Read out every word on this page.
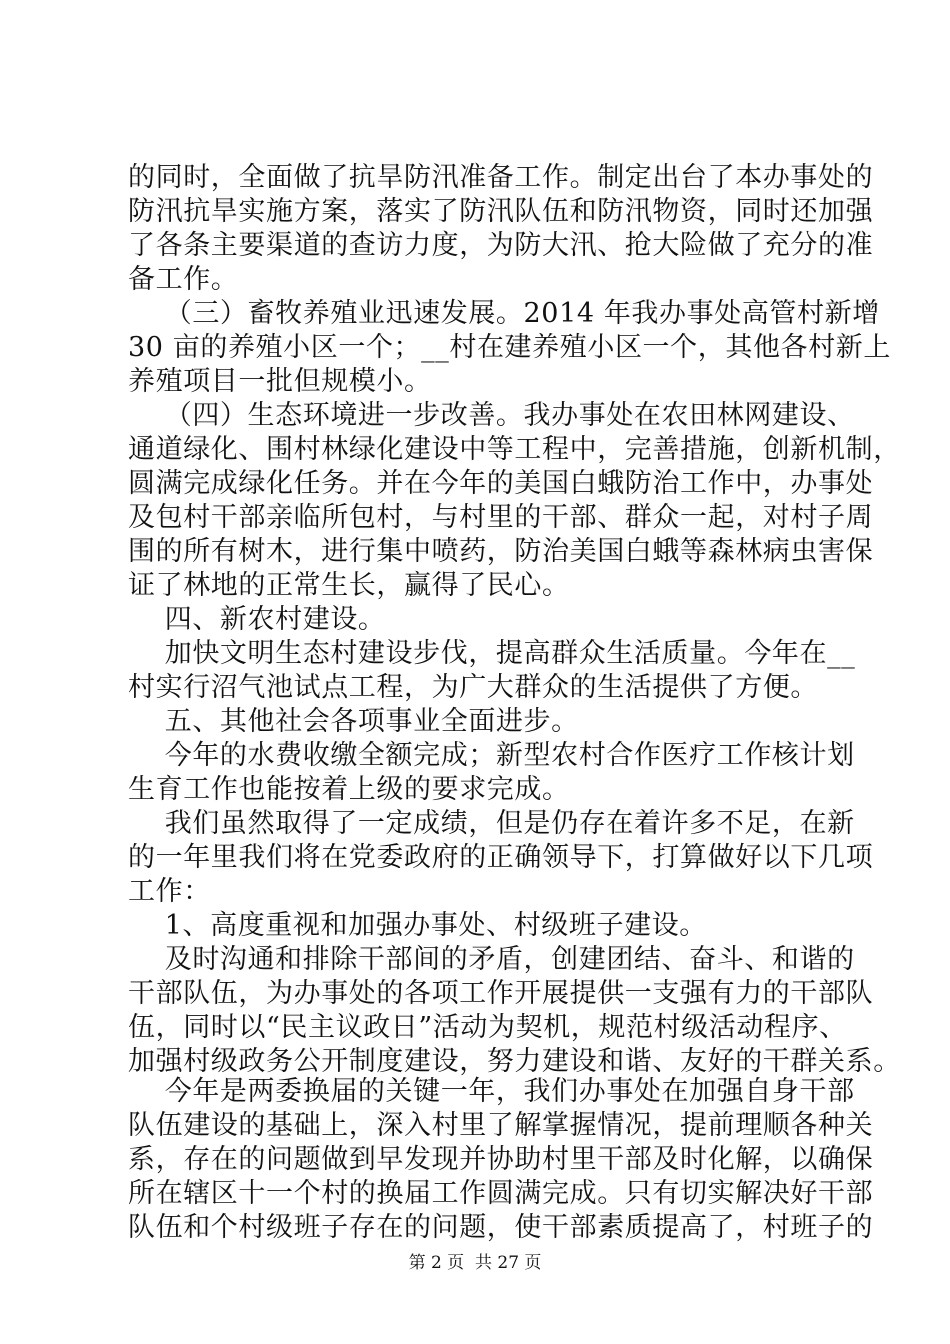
的同时，全面做了抗旱防汛准备工作。制定出台了本办事处的
防汛抗旱实施方案，落实了防汛队伍和防汛物资，同时还加强
了各条主要渠道的查访力度，为防大汛、抢大险做了充分的准
备工作。
（三）畜牧养殖业迅速发展。2014 年我办事处高管村新增
30 亩的养殖小区一个；__村在建养殖小区一个，其他各村新上
养殖项目一批但规模小。
（四）生态环境进一步改善。我办事处在农田林网建设、
通道绿化、围村林绿化建设中等工程中，完善措施，创新机制，
圆满完成绿化任务。并在今年的美国白蛾防治工作中，办事处
及包村干部亲临所包村，与村里的干部、群众一起，对村子周
围的所有树木，进行集中喷药，防治美国白蛾等森林病虫害保
证了林地的正常生长，赢得了民心。
四、新农村建设。
加快文明生态村建设步伐，提高群众生活质量。今年在__
村实行沼气池试点工程，为广大群众的生活提供了方便。
五、其他社会各项事业全面进步。
今年的水费收缴全额完成；新型农村合作医疗工作核计划
生育工作也能按着上级的要求完成。
我们虽然取得了一定成绩，但是仍存在着许多不足，在新
的一年里我们将在党委政府的正确领导下，打算做好以下几项
工作：
1、高度重视和加强办事处、村级班子建设。
及时沟通和排除干部间的矛盾，创建团结、奋斗、和谐的
干部队伍，为办事处的各项工作开展提供一支强有力的干部队
伍，同时以“民主议政日”活动为契机，规范村级活动程序、
加强村级政务公开制度建设，努力建设和谐、友好的干群关系。
今年是两委换届的关键一年，我们办事处在加强自身干部
队伍建设的基础上，深入村里了解掌握情况，提前理顺各种关
系，存在的问题做到早发现并协助村里干部及时化解，以确保
所在辖区十一个村的换届工作圆满完成。只有切实解决好干部
队伍和个村级班子存在的问题，使干部素质提高了，村班子的
第 2 页  共 27 页
